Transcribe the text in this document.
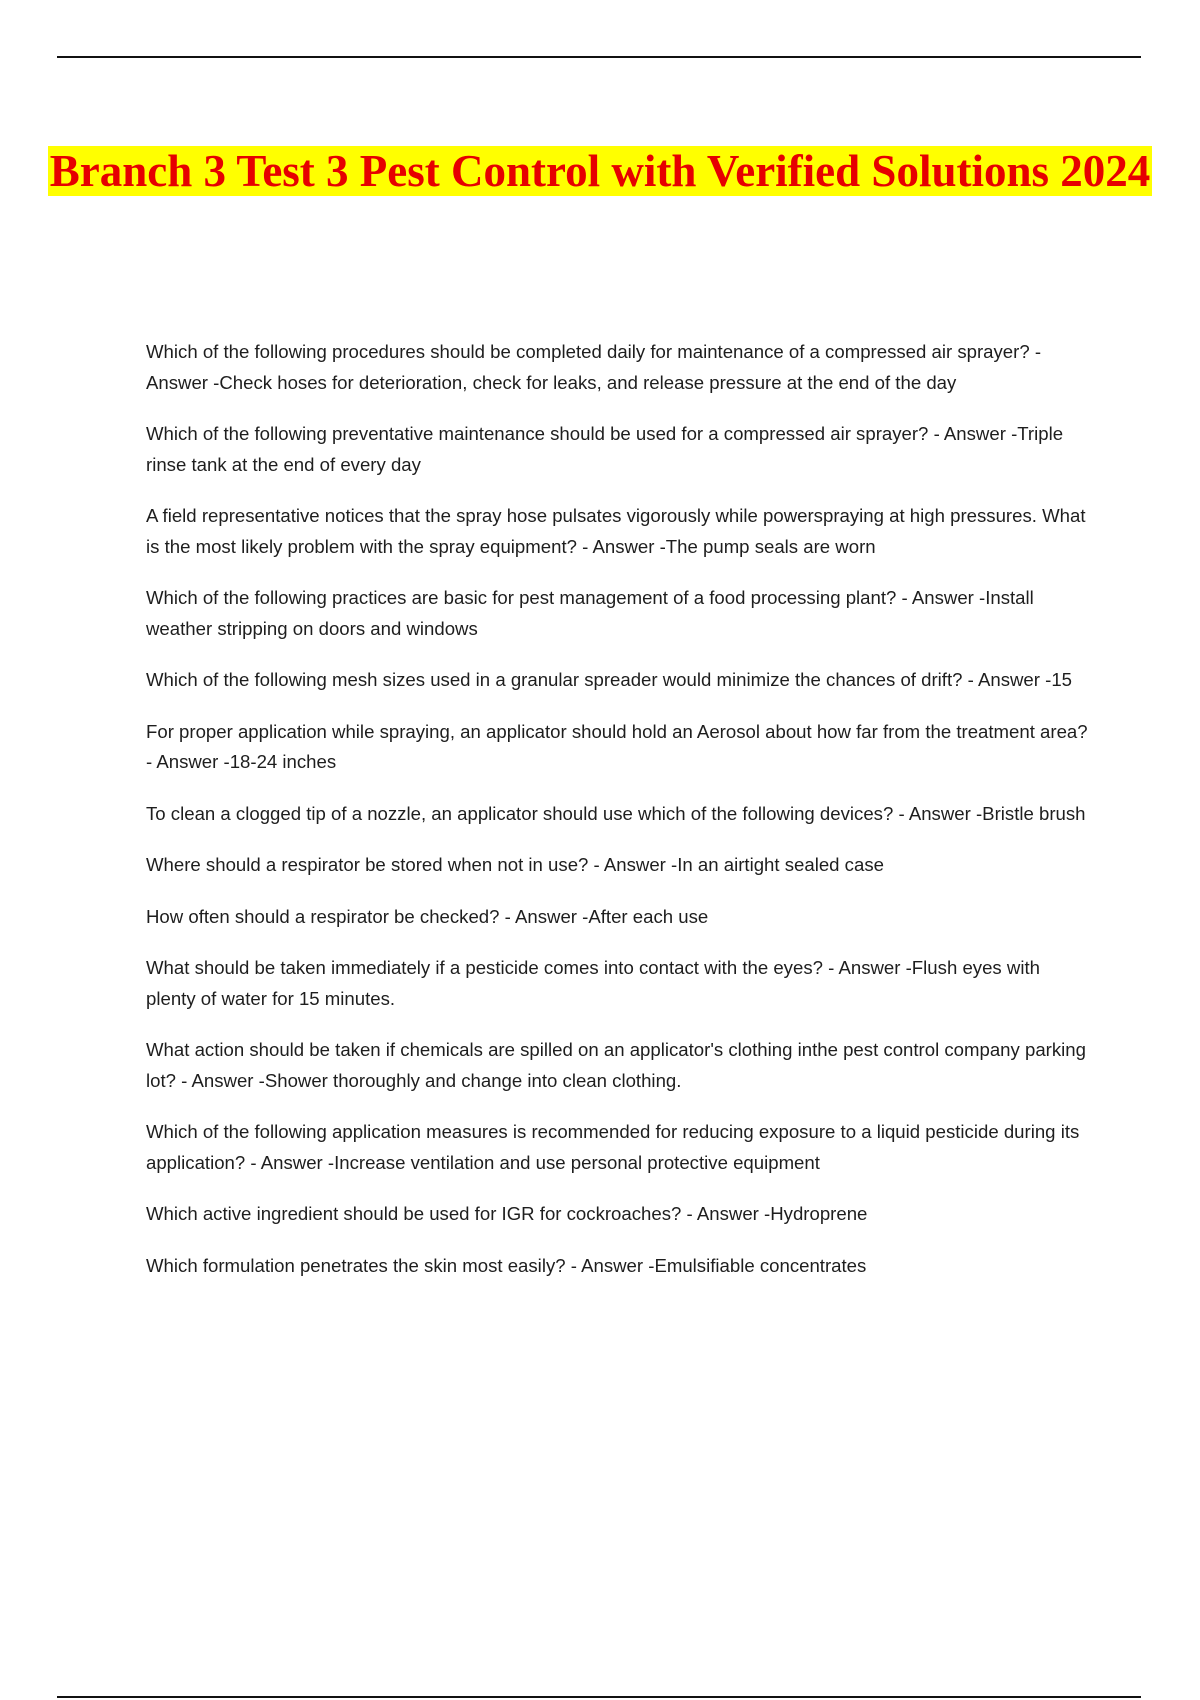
Branch 3 Test 3 Pest Control with Verified Solutions 2024
Which of the following procedures should be completed daily for maintenance of a compressed air sprayer? - Answer -Check hoses for deterioration, check for leaks, and release pressure at the end of the day
Which of the following preventative maintenance should be used for a compressed air sprayer? - Answer -Triple rinse tank at the end of every day
A field representative notices that the spray hose pulsates vigorously while powerspraying at high pressures. What is the most likely problem with the spray equipment? - Answer -The pump seals are worn
Which of the following practices are basic for pest management of a food processing plant? - Answer -Install weather stripping on doors and windows
Which of the following mesh sizes used in a granular spreader would minimize the chances of drift? - Answer -15
For proper application while spraying, an applicator should hold an Aerosol about how far from the treatment area? - Answer -18-24 inches
To clean a clogged tip of a nozzle, an applicator should use which of the following devices? - Answer -Bristle brush
Where should a respirator be stored when not in use? - Answer -In an airtight sealed case
How often should a respirator be checked? - Answer -After each use
What should be taken immediately if a pesticide comes into contact with the eyes? - Answer -Flush eyes with plenty of water for 15 minutes.
What action should be taken if chemicals are spilled on an applicator's clothing inthe pest control company parking lot? - Answer -Shower thoroughly and change into clean clothing.
Which of the following application measures is recommended for reducing exposure to a liquid pesticide during its application? - Answer -Increase ventilation and use personal protective equipment
Which active ingredient should be used for IGR for cockroaches? - Answer -Hydroprene
Which formulation penetrates the skin most easily? - Answer -Emulsifiable concentrates
